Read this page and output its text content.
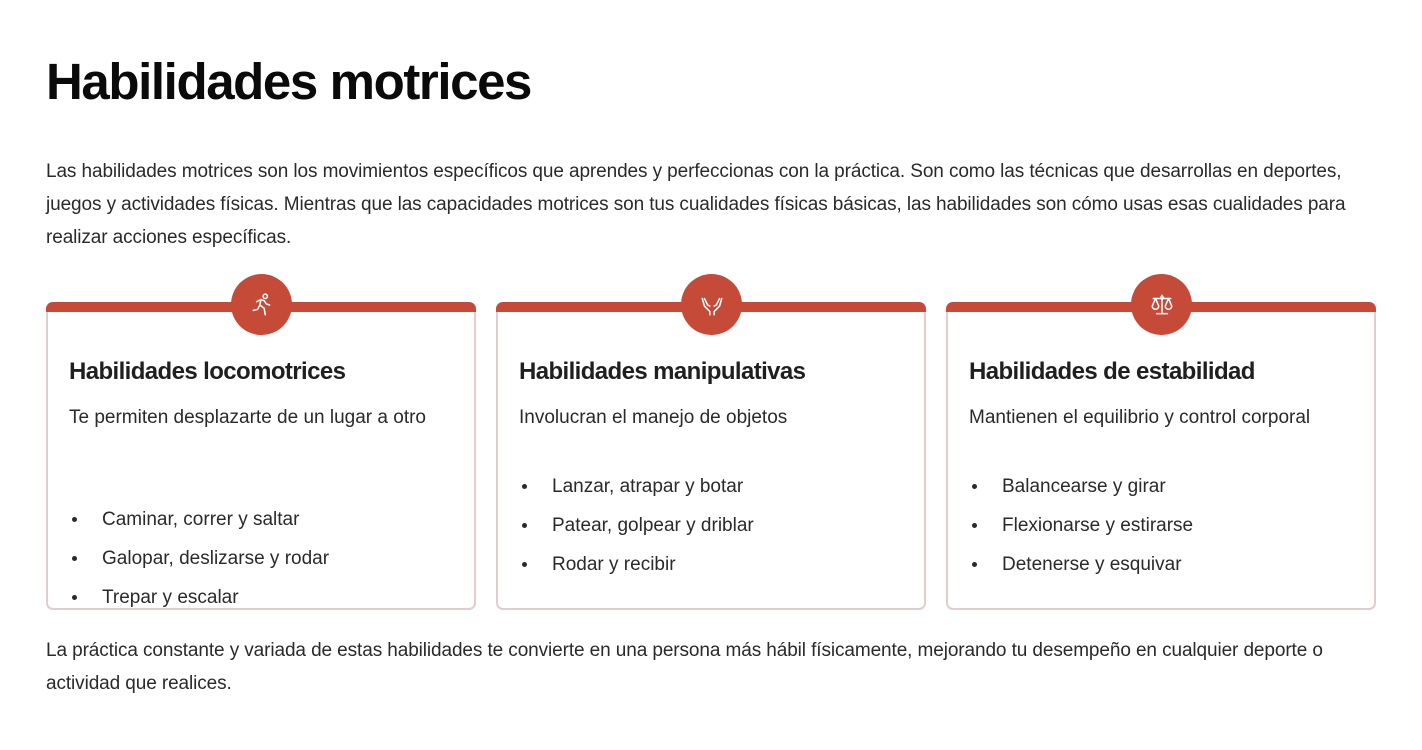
Habilidades motrices

Las habilidades motrices son los movimientos específicos que aprendes y perfeccionas con la práctica. Son como las técnicas que desarrollas en deportes, juegos y actividades físicas. Mientras que las capacidades motrices son tus cualidades físicas básicas, las habilidades son cómo usas esas cualidades para realizar acciones específicas.

Habilidades locomotrices

Te permiten desplazarte de un lugar a otro

Caminar, correr y saltar
Galopar, deslizarse y rodar
Trepar y escalar
Habilidades manipulativas

Involucran el manejo de objetos

Lanzar, atrapar y botar
Patear, golpear y driblar
Rodar y recibir
Habilidades de estabilidad

Mantienen el equilibrio y control corporal

Balancearse y girar
Flexionarse y estirarse
Detenerse y esquivar

La práctica constante y variada de estas habilidades te convierte en una persona más hábil físicamente, mejorando tu desempeño en cualquier deporte o actividad que realices.
